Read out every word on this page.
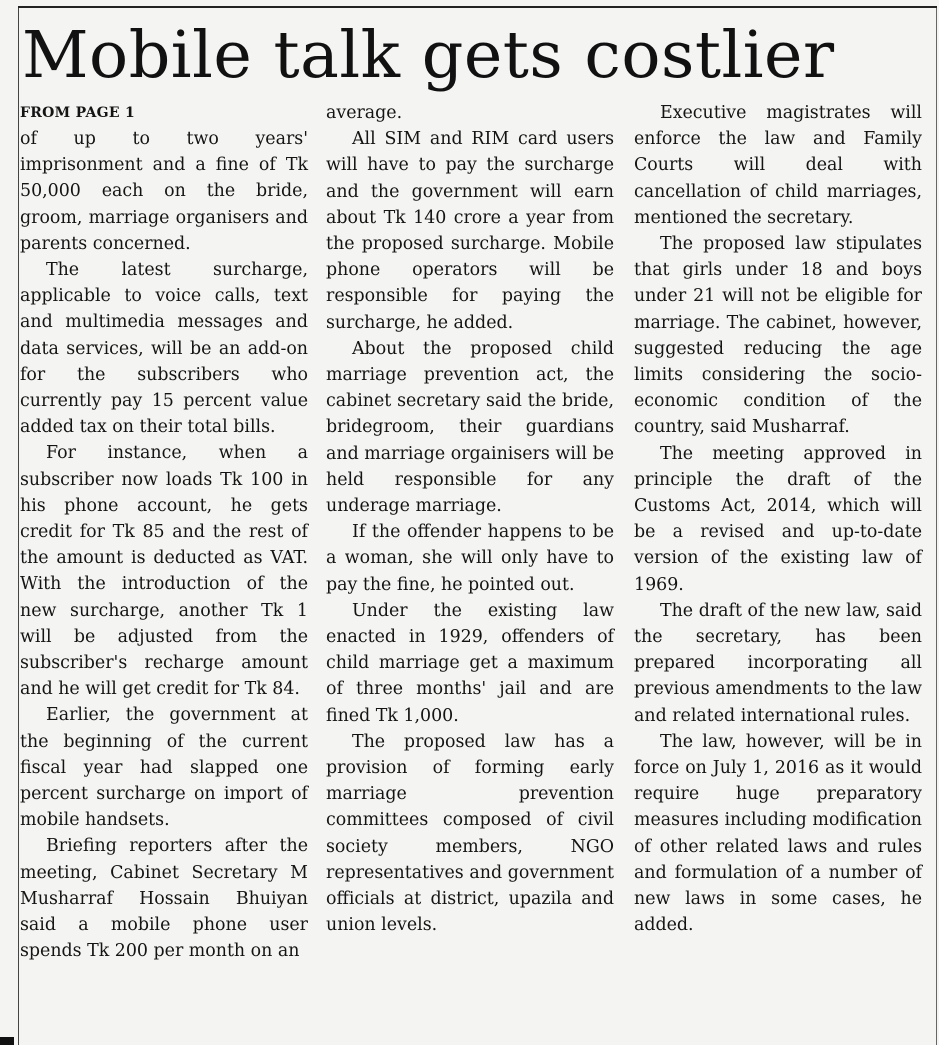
Mobile talk gets costlier
FROM PAGE 1

of up to two years' imprisonment and a fine of Tk 50,000 each on the bride, groom, marriage organisers and parents concerned.

The latest surcharge, applicable to voice calls, text and multimedia messages and data services, will be an add-on for the subscribers who currently pay 15 percent value added tax on their total bills.

For instance, when a subscriber now loads Tk 100 in his phone account, he gets credit for Tk 85 and the rest of the amount is deducted as VAT. With the introduction of the new surcharge, another Tk 1 will be adjusted from the subscriber's recharge amount and he will get credit for Tk 84.

Earlier, the government at the beginning of the current fiscal year had slapped one percent surcharge on import of mobile handsets.

Briefing reporters after the meeting, Cabinet Secretary M Musharraf Hossain Bhuiyan said a mobile phone user spends Tk 200 per month on an

average.

All SIM and RIM card users will have to pay the surcharge and the government will earn about Tk 140 crore a year from the proposed surcharge. Mobile phone operators will be responsible for paying the surcharge, he added.

About the proposed child marriage prevention act, the cabinet secretary said the bride, bridegroom, their guardians and marriage orgainisers will be held responsible for any underage marriage.

If the offender happens to be a woman, she will only have to pay the fine, he pointed out.

Under the existing law enacted in 1929, offenders of child marriage get a maximum of three months' jail and are fined Tk 1,000.

The proposed law has a provision of forming early marriage prevention committees composed of civil society members, NGO representatives and government officials at district, upazila and union levels.

Executive magistrates will enforce the law and Family Courts will deal with cancellation of child marriages, mentioned the secretary.

The proposed law stipulates that girls under 18 and boys under 21 will not be eligible for marriage. The cabinet, however, suggested reducing the age limits considering the socio-economic condition of the country, said Musharraf.

The meeting approved in principle the draft of the Customs Act, 2014, which will be a revised and up-to-date version of the existing law of 1969.

The draft of the new law, said the secretary, has been prepared incorporating all previous amendments to the law and related international rules.

The law, however, will be in force on July 1, 2016 as it would require huge preparatory measures including modification of other related laws and rules and formulation of a number of new laws in some cases, he added.
